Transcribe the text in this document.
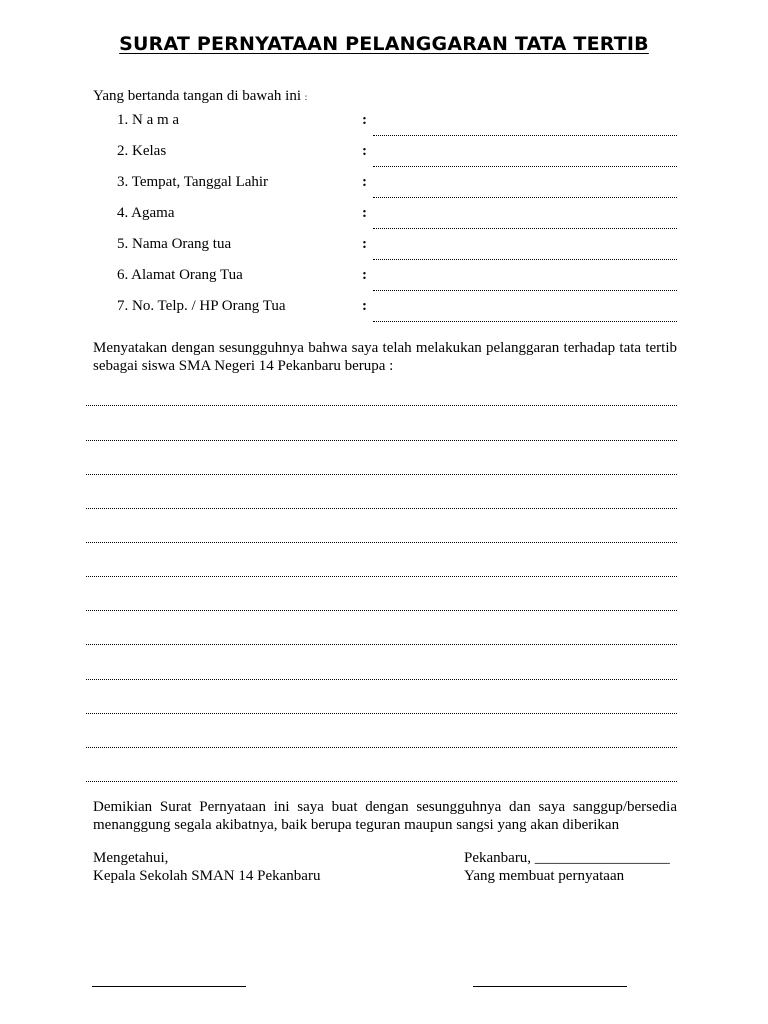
SURAT PERNYATAAN PELANGGARAN TATA TERTIB
Yang bertanda tangan di bawah ini :
1. N a m a	:
2. Kelas	:
3. Tempat, Tanggal Lahir	:
4. Agama	:
5. Nama Orang tua	:
6. Alamat Orang Tua	:
7. No. Telp. / HP Orang Tua	:
Menyatakan dengan sesungguhnya bahwa saya telah melakukan pelanggaran terhadap tata tertib sebagai siswa SMA Negeri 14 Pekanbaru berupa :
Demikian Surat Pernyataan ini saya buat dengan sesungguhnya dan saya sanggup/bersedia menanggung segala akibatnya, baik berupa teguran maupun sangsi yang akan diberikan
Mengetahui,
Kepala Sekolah SMAN 14 Pekanbaru
Pekanbaru, __________________
Yang membuat pernyataan
